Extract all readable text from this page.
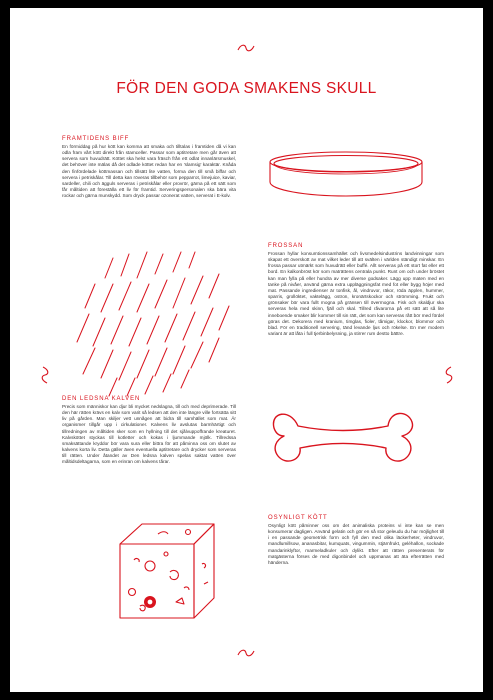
FÖR DEN GODA SMAKENS SKULL
FRAMTIDENS BIFF

En förmiddag på hur kött kan komma att smaka och tilltalas i framtiden då vi kan odla fram vårt kött direkt från stamceller. Passar som aptitretare men går även att servera som huvudrätt. Köttet ska helst vara fräsch från ett odlat innanlärsmuskel, det behöver inte mälas då det odlade köttet redan har en 'slamsig' karaktär. Knåda den finfördelade köttmassan och tillsätt lite vatten, forma den till små biffar och servera i petriskålar. Till detta kan röveras tillbehör som pepparrot, limejuice, kaviar, sardeller, chili och ägguls serveras i petriskålar eller provrör, gärna på ett sätt som får måltiden att föreställa ett liv för framtid. Serveringspersonalen ska bära vita rockar och gärna munskydd. Som dryck passar ozonerat vatten, serverat i E-kolv.

FROSSAN

Frossan hyllar konsumtionssamhället och livsmedelsindustrins landvinningar som skapat ett överskott av mat vilket leder till att svälten i världen ständigt minskar. En frossa passar utmärkt som huvudrätt eller buffé. Allt serveras på ett stort fat eller ett bord. En kalkonbröst kör som maträttens centrala punkt. Runt om och under bröstet kan man fylla på eller hundra av mer diverse godsaker. Lägg upp maten med en tanke på nivåer, använd gärna extra uppläggningsfat med fot eller bygg höjer med mat. Passande ingredienser är tonfisk, ål, vindruvor, räkor, röda äpplen, hummer, sparris, grollöktet, vaktelägg, ostron, kronärtskockor och strömming. Frukt och grönsaker bör vara fullt mogna på gränsen till övermogna. Fisk och skaldjur ska serveras hela med skinn, fjäll och skal. Tillred råvarorna på ett sätt att så lite inneboende smaker blir kommer till sin rätt, det som kan serveras rått bör med fördel göras det. Dekorera med kranium, timglas, fioler, tåmigar, klockor, blommor och blad. För en traditionell servering, tänd levande ljus och rökelse. En mer modern variant är att låta i full tjerbinbelysning, ja stirrer rum destto bättre.

DEN LEDSNA KALVEN

Precis som människor kan djur bli mycket nedslagna, till och med deprimerade. Till den här rätten krävs en kalv som varit så ledsen att den inte längre ville fortsätta sitt liv på gården. Man skiljer vett unnågen att bidra till samhället som mat. Är organismer tillgår upp i cirkulationer. Kalvens liv avslutas barmhärtigt och tillredningen av måltiden sker som en hyllning till det sjålvuppoffrande kreaturet. Kalvsköttet styckas till kotletter och kokas i ljummande mjölk. Tillredssa smaksättande kryddor bör vara sura eller bittra för att påminna oss om slutet av kalvens korta liv. Detta gäller även eventuella aptitretare och drycker som serveras till rätten. Under åtandet av Den ledsna kalven spelas saktat vatten över måltidsdeltagarna, som en erinran om kalvens tårar.

OSYNLIGT KÖTT

Osynligt kött påminner oss om det animaliska proteins vi inte kan se men konsumerar dagligen. Använd gelatin och gör en så stor geleudu du har möjlighet till i en passande geometrisk form och fyll den med olika läckerheter, vindruvor, mandlumillsow, ananasbitar, kumquats, vingummin, stjärnfrukt, geléhallon, sockade mandarinklyftor, marmeladkuler och dylikt. Efter att rätten presenterats för matgästerna förses de med digonbindel och uppmanas att äta efterrätten med händerna.
